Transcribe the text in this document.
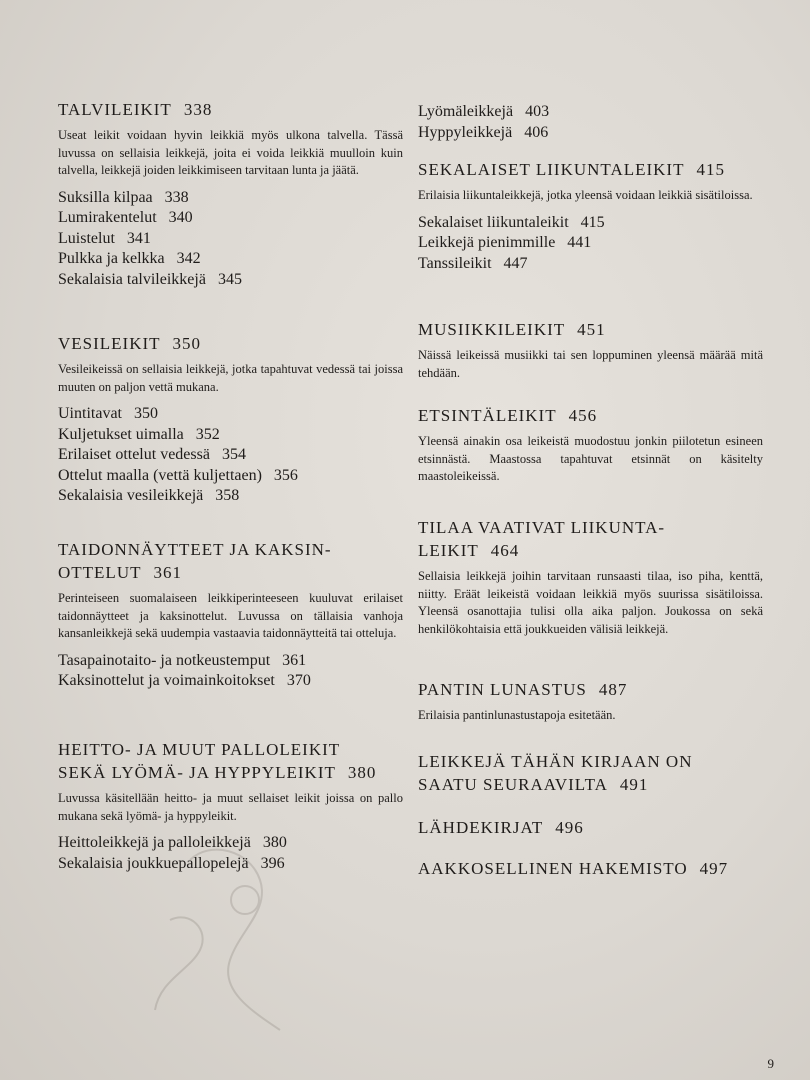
TALVILEIKIT 338

Useat leikit voidaan hyvin leikkiä myös ulkona talvella. Tässä luvussa on sellaisia leikkejä, joita ei voida leikkiä muulloin kuin talvella, leikkejä joiden leikkimiseen tarvitaan lunta ja jäätä.

Suksilla kilpaa 338
Lumirakentelut 340
Luistelut 341
Pulkka ja kelkka 342
Sekalaisia talvileikkejä 345
VESILEIKIT 350

Vesileikeissä on sellaisia leikkejä, jotka tapahtuvat vedessä tai joissa muuten on paljon vettä mukana.

Uintitavat 350
Kuljetukset uimalla 352
Erilaiset ottelut vedessä 354
Ottelut maalla (vettä kuljettaen) 356
Sekalaisia vesileikkejä 358
TAIDONNÄYTTEET JA KAKSIN-OTTELUT 361

Perinteiseen suomalaiseen leikkiperinteeseen kuuluvat erilaiset taidonnäytteet ja kaksinottelut. Luvussa on tällaisia vanhoja kansanleikkejä sekä uudempia vastaavia taidonnäytteitä tai otteluja.

Tasapainotaito- ja notkeustemput 361
Kaksinottelut ja voimainkoitokset 370
HEITTO- JA MUUT PALLOLEIKIT SEKÄ LYÖMÄ- JA HYPPYLEIKIT 380

Luvussa käsitellään heitto- ja muut sellaiset leikit joissa on pallo mukana sekä lyömä- ja hyppyleikit.

Heittoleikkejä ja palloleikkejä 380
Sekalaisia joukkuepallopelejä 396
Lyömäleikkejä 403
Hyppyleikkejä 406
SEKALAISET LIIKUNTALEIKIT 415

Erilaisia liikuntaleikkejä, jotka yleensä voidaan leikkiä sisätiloissa.

Sekalaiset liikuntaleikit 415
Leikkejä pienimmille 441
Tanssileikit 447
MUSIIKKILEIKIT 451

Näissä leikeissä musiikki tai sen loppuminen yleensä määrää mitä tehdään.

ETSINTÄLEIKIT 456

Yleensä ainakin osa leikeistä muodostuu jonkin piilotetun esineen etsinnästä. Maastossa tapahtuvat etsinnät on käsitelty maastoleikeissä.

TILAA VAATIVAT LIIKUNTA-LEIKIT 464

Sellaisia leikkejä joihin tarvitaan runsaasti tilaa, iso piha, kenttä, niitty. Eräät leikeistä voidaan leikkiä myös suurissa sisätiloissa. Yleensä osanottajia tulisi olla aika paljon. Joukossa on sekä henkilökohtaisia että joukkueiden välisiä leikkejä.

PANTIN LUNASTUS 487

Erilaisia pantinlunastustapoja esitetään.

LEIKKEJÄ TÄHÄN KIRJAAN ON SAATU SEURAAVILTA 491
LÄHDEKIRJAT 496
AAKKOSELLINEN HAKEMISTO 497
9
